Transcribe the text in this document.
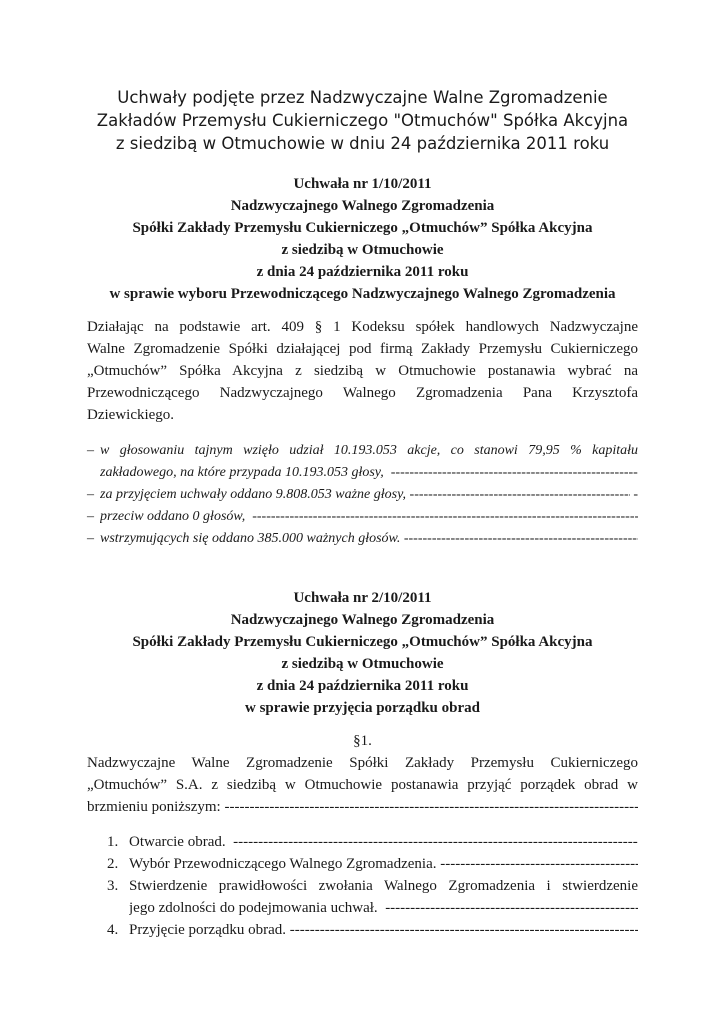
Uchwały podjęte przez Nadzwyczajne Walne Zgromadzenie
Zakładów Przemysłu Cukierniczego "Otmuchów" Spółka Akcyjna
z siedzibą w Otmuchowie w dniu 24 października 2011 roku
Uchwała nr 1/10/2011
Nadzwyczajnego Walnego Zgromadzenia
Spółki Zakłady Przemysłu Cukierniczego „Otmuchów” Spółka Akcyjna
z siedzibą w Otmuchowie
z dnia 24 października 2011 roku
w sprawie wyboru Przewodniczącego Nadzwyczajnego Walnego Zgromadzenia
Działając na podstawie art. 409 § 1 Kodeksu spółek handlowych Nadzwyczajne
Walne Zgromadzenie Spółki działającej pod firmą Zakłady Przemysłu Cukierniczego
„Otmuchów” Spółka Akcyjna z siedzibą w Otmuchowie postanawia wybrać na
Przewodniczącego Nadzwyczajnego Walnego Zgromadzenia Pana Krzysztofa
Dziewickiego.
– w głosowaniu tajnym wzięło udział 10.193.053 akcje, co stanowi 79,95 % kapitału
zakładowego, na które przypada 10.193.053 głosy,

-----
– za przyjęciem uchwały oddano 9.808.053 ważne głosy,
-----
	-
– przeciw oddano 0 głosów,

-----
– wstrzymujących się oddano 385.000 ważnych głosów.

-----
Uchwała nr 2/10/2011
Nadzwyczajnego Walnego Zgromadzenia
Spółki Zakłady Przemysłu Cukierniczego „Otmuchów” Spółka Akcyjna
z siedzibą w Otmuchowie
z dnia 24 października 2011 roku
w sprawie przyjęcia porządku obrad
§1.
Nadzwyczajne Walne Zgromadzenie Spółki Zakłady Przemysłu Cukierniczego
„Otmuchów” S.A. z siedzibą w Otmuchowie postanawia przyjąć porządek obrad w
brzmieniu poniższym:

-----
1. Otwarcie obrad.

-----
2. Wybór Przewodniczącego Walnego Zgromadzenia.

-----
3. Stwierdzenie prawidłowości zwołania Walnego Zgromadzenia i stwierdzenie
jego zdolności do podejmowania uchwał.

-----
4. Przyjęcie porządku obrad.

-----
